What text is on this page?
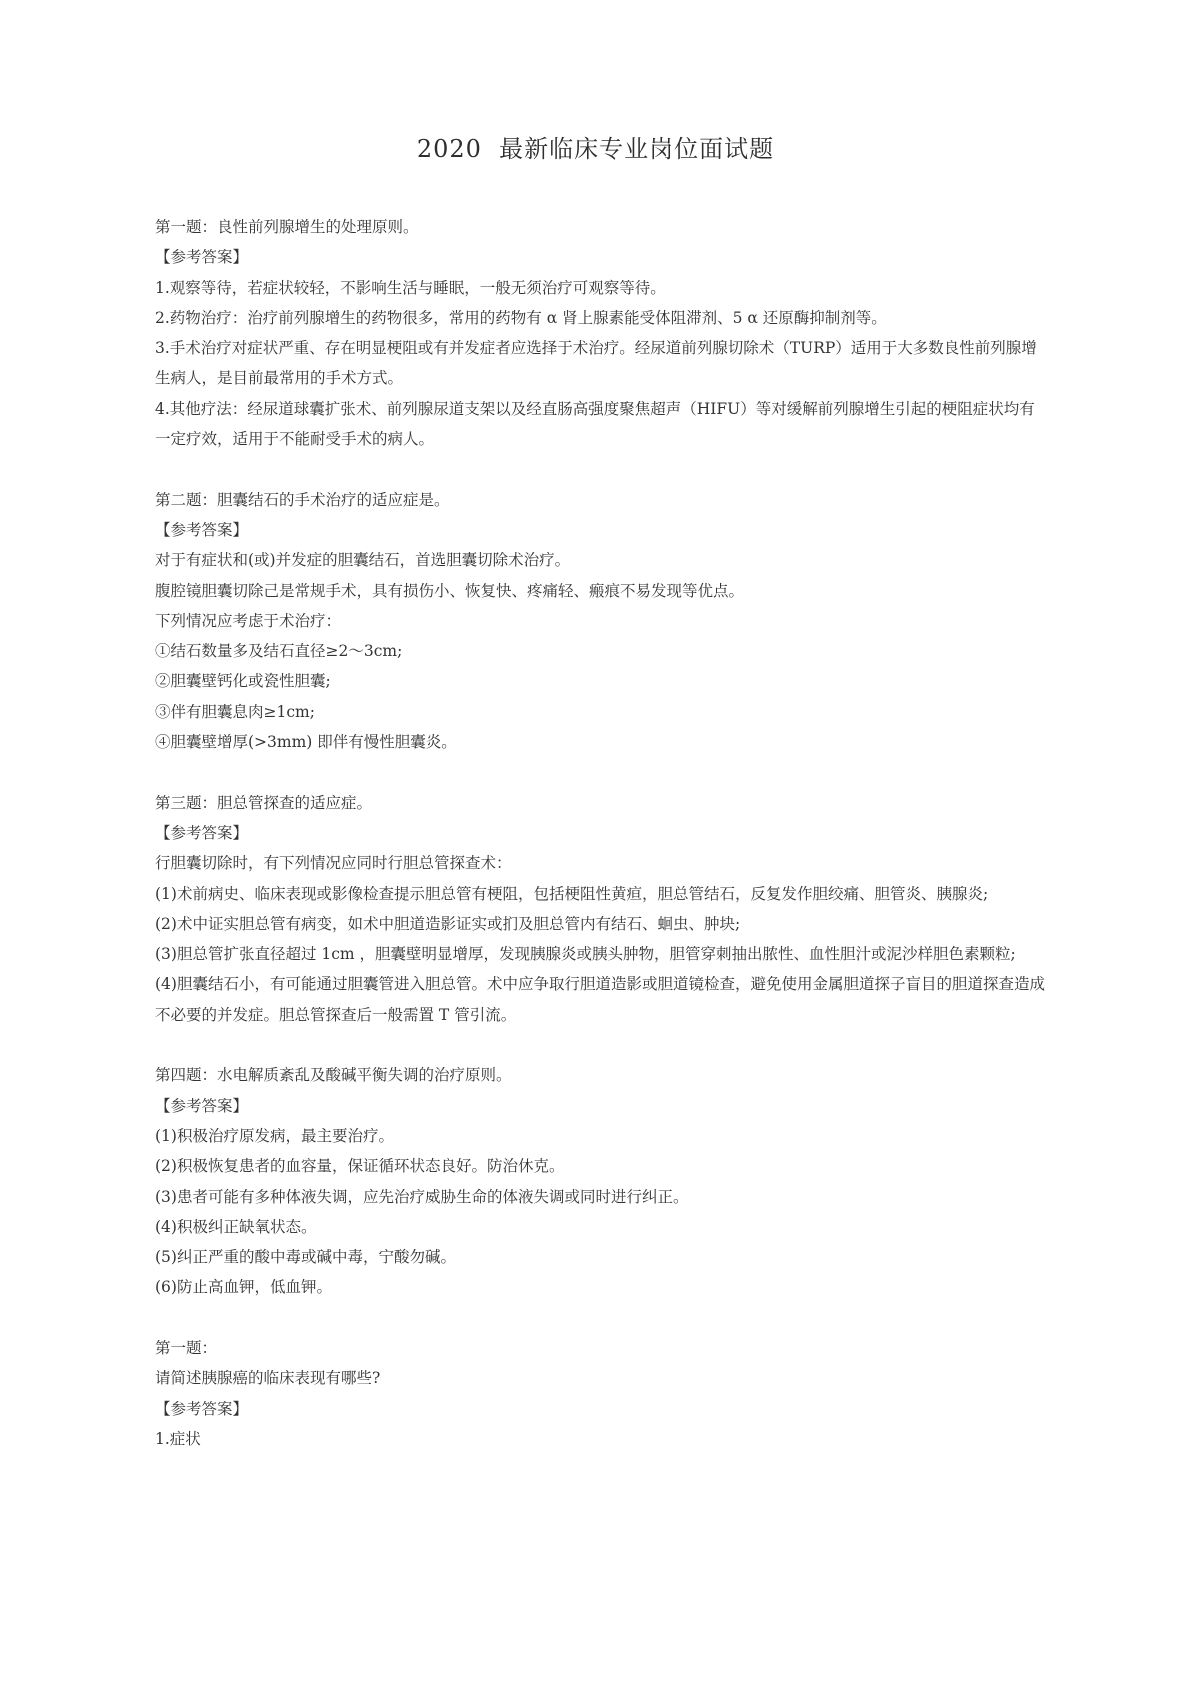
2020  最新临床专业岗位面试题

第一题：良性前列腺增生的处理原则。

【参考答案】

1.观察等待，若症状较轻，不影响生活与睡眠，一般无须治疗可观察等待。

2.药物治疗：治疗前列腺增生的药物很多，常用的药物有 α 肾上腺素能受体阻滞剂、5 α 还原酶抑制剂等。

3.手术治疗对症状严重、存在明显梗阻或有并发症者应选择于术治疗。经尿道前列腺切除术（TURP）适用于大多数良性前列腺增生病人，是目前最常用的手术方式。

4.其他疗法：经尿道球囊扩张术、前列腺尿道支架以及经直肠高强度聚焦超声（HIFU）等对缓解前列腺增生引起的梗阻症状均有一定疗效，适用于不能耐受手术的病人。

第二题：胆囊结石的手术治疗的适应症是。

【参考答案】

对于有症状和(或)并发症的胆囊结石，首选胆囊切除术治疗。

腹腔镜胆囊切除己是常规手术，具有损伤小、恢复快、疼痛轻、瘢痕不易发现等优点。

下列情况应考虑于术治疗：

①结石数量多及结石直径≥2～3cm;

②胆囊壁钙化或瓷性胆囊;

③伴有胆囊息肉≥1cm;

④胆囊壁增厚(>3mm) 即伴有慢性胆囊炎。

第三题：胆总管探查的适应症。

【参考答案】

行胆囊切除时，有下列情况应同时行胆总管探查术：

(1)术前病史、临床表现或影像检查提示胆总管有梗阻，包括梗阻性黄疸，胆总管结石，反复发作胆绞痛、胆管炎、胰腺炎;

(2)术中证实胆总管有病变，如术中胆道造影证实或扪及胆总管内有结石、蛔虫、肿块;

(3)胆总管扩张直径超过 1cm ，胆囊壁明显增厚，发现胰腺炎或胰头肿物，胆管穿刺抽出脓性、血性胆汁或泥沙样胆色素颗粒;

(4)胆囊结石小，有可能通过胆囊管进入胆总管。术中应争取行胆道造影或胆道镜检查，避免使用金属胆道探子盲目的胆道探查造成不必要的并发症。胆总管探查后一般需置 T 管引流。

第四题：水电解质紊乱及酸碱平衡失调的治疗原则。

【参考答案】

(1)积极治疗原发病，最主要治疗。

(2)积极恢复患者的血容量，保证循环状态良好。防治休克。

(3)患者可能有多种体液失调，应先治疗威胁生命的体液失调或同时进行纠正。

(4)积极纠正缺氧状态。

(5)纠正严重的酸中毒或碱中毒，宁酸勿碱。

(6)防止高血钾，低血钾。

第一题：

请简述胰腺癌的临床表现有哪些?

【参考答案】

1.症状
